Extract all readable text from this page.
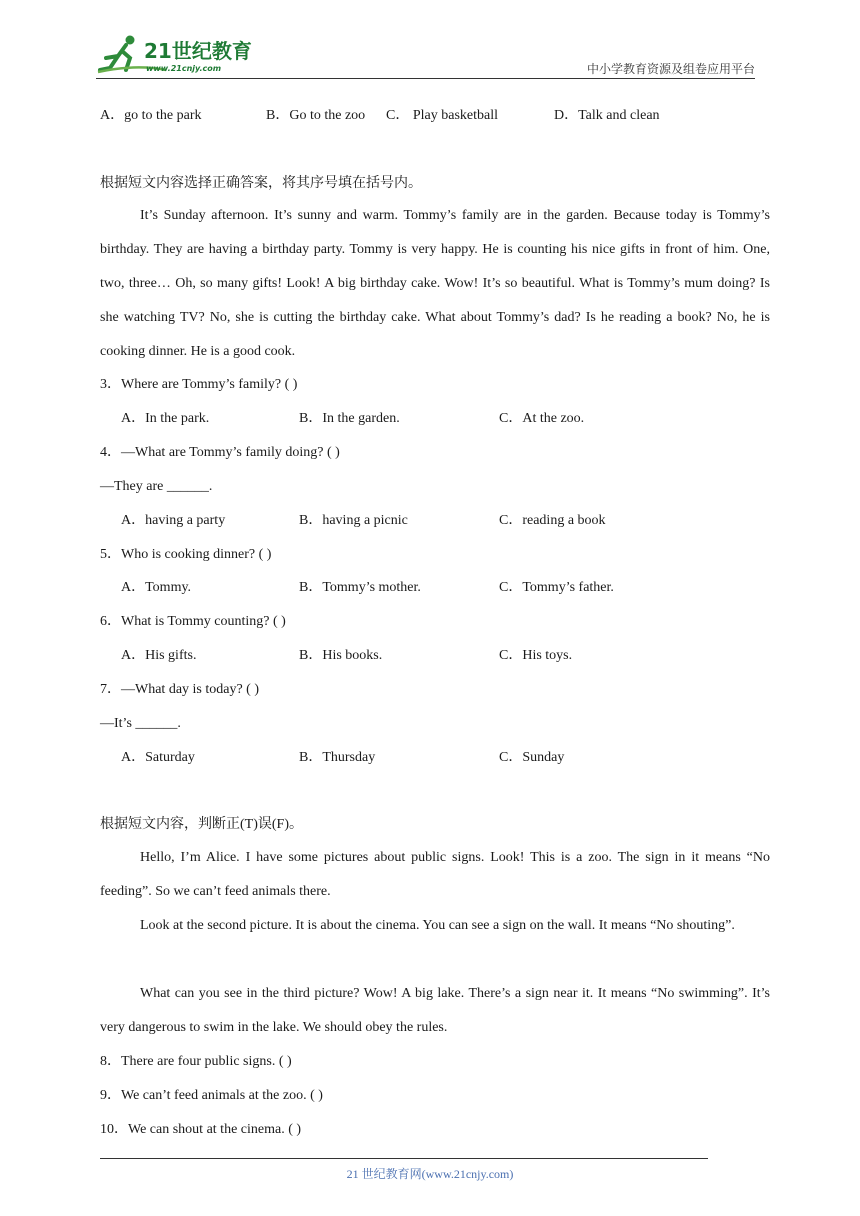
21世纪教育
www.21cnjy.com	中小学教育资源及组卷应用平台
A．go to the park	B．Go to the zoo C． Play basketball	D．Talk and clean
根据短文内容选择正确答案，将其序号填在括号内。
It’s Sunday afternoon. It’s sunny and warm. Tommy’s family are in the garden. Because today is Tommy’s birthday. They are having a birthday party. Tommy is very happy. He is counting his nice gifts in front of him. One, two, three… Oh, so many gifts! Look! A big birthday cake. Wow! It’s so beautiful. What is Tommy’s mum doing? Is she watching TV? No, she is cutting the birthday cake. What about Tommy’s dad? Is he reading a book? No, he is cooking dinner. He is a good cook.
3．Where are Tommy’s family? ( )
A．In the park.	B．In the garden.	C．At the zoo.
4．—What are Tommy’s family doing? ( )
—They are ______.
A．having a party	B．having a picnic	C．reading a book
5．Who is cooking dinner? ( )
A．Tommy.	B．Tommy’s mother.	C．Tommy’s father.
6．What is Tommy counting? ( )
A．His gifts.	B．His books.	C．His toys.
7．—What day is today? ( )
—It’s ______.
A．Saturday	B．Thursday	C．Sunday
根据短文内容，判断正(T)误(F)。
Hello, I’m Alice. I have some pictures about public signs. Look! This is a zoo. The sign in it means “No feeding”. So we can’t feed animals there.
Look at the second picture. It is about the cinema. You can see a sign on the wall. It means “No shouting”.
What can you see in the third picture? Wow! A big lake. There’s a sign near it. It means “No swimming”. It’s very dangerous to swim in the lake. We should obey the rules.
8．There are four public signs. ( )
9．We can’t feed animals at the zoo. ( )
10．We can shout at the cinema. ( )
21 世纪教育网(www.21cnjy.com)
